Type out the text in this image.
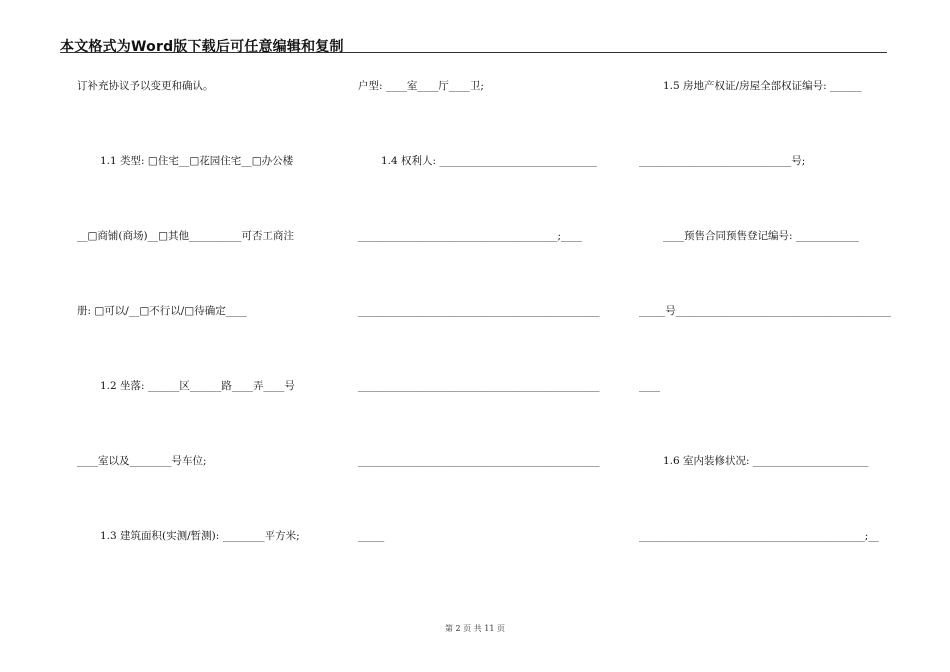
本文格式为Word版下载后可任意编辑和复制
订补充协议予以变更和确认。
1.1 类型: □住宅__□花园住宅__□办公楼
__□商铺(商场)__□其他__________可否工商注
册: □可以/__□不行以/□待确定____
1.2 坐落: ______区______路____弄____号
____室以及________号车位;
1.3 建筑面积(实测/暂测): ________平方米;
户型: ____室____厅____卫;
1.4 权利人: ______________________________
______________________________________;____
______________________________________________
______________________________________________
______________________________________________
_____
1.5 房地产权证/房屋全部权证编号: ______
_____________________________号;
____预售合同预售登记编号: ____________
_____号_________________________________________
____
1.6 室内装修状况: ______________________
___________________________________________;__
第 2 页 共 11 页
